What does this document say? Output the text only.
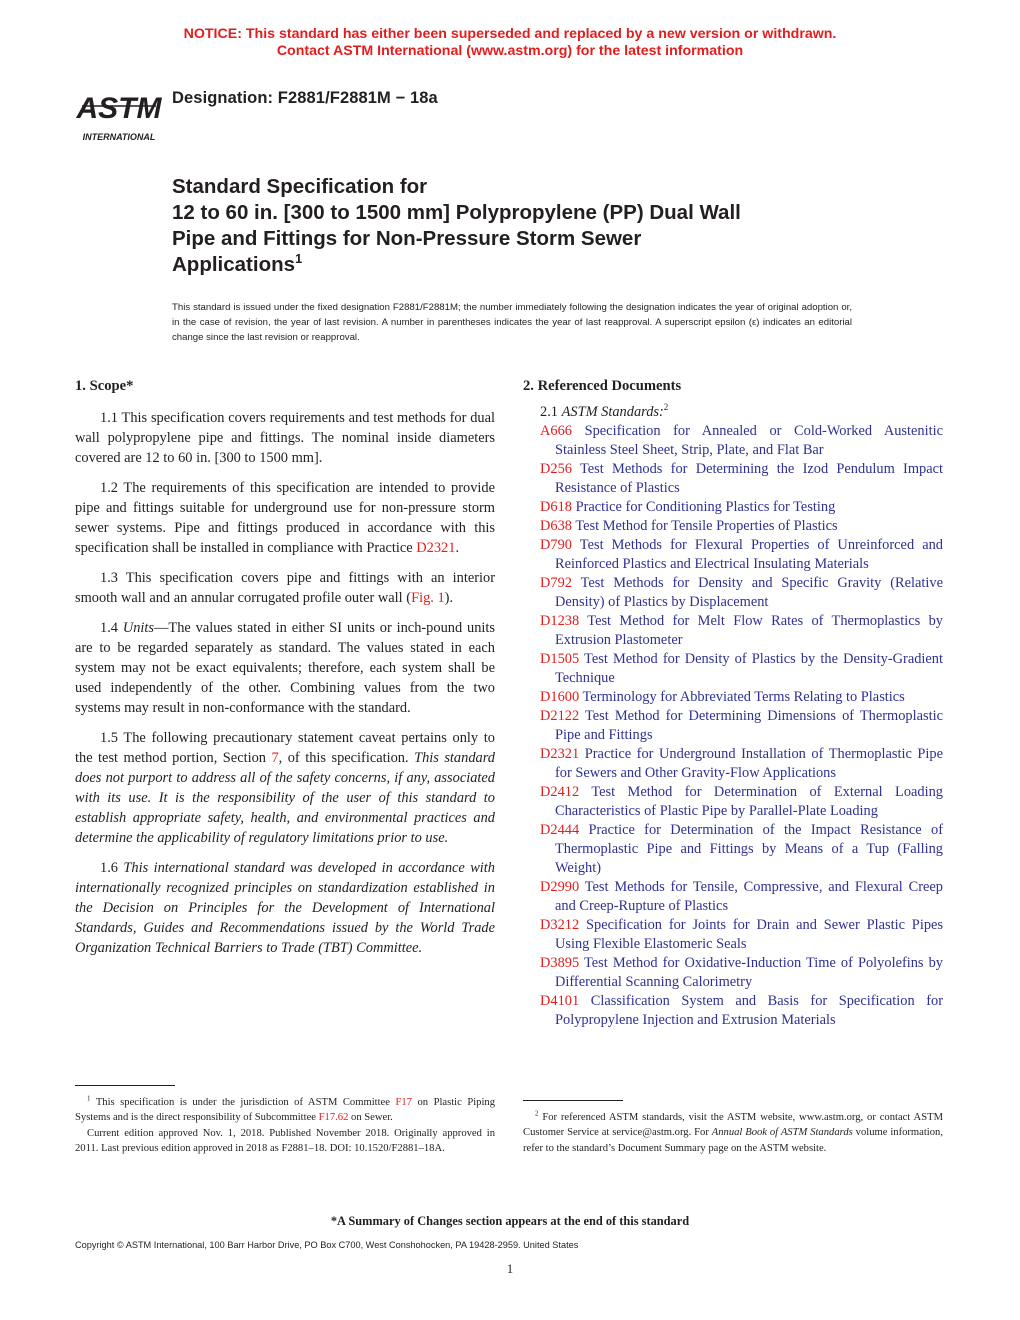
NOTICE: This standard has either been superseded and replaced by a new version or withdrawn.
Contact ASTM International (www.astm.org) for the latest information
ASTM
INTERNATIONAL
Designation: F2881/F2881M − 18a
Standard Specification for
12 to 60 in. [300 to 1500 mm] Polypropylene (PP) Dual Wall
Pipe and Fittings for Non-Pressure Storm Sewer
Applications$^1$
This standard is issued under the fixed designation F2881/F2881M; the number immediately following the designation indicates the year of original adoption or, in the case of revision, the year of last revision. A number in parentheses indicates the year of last reapproval. A superscript epsilon (ε) indicates an editorial change since the last revision or reapproval.
1. Scope*

1.1 This specification covers requirements and test methods for dual wall polypropylene pipe and fittings. The nominal inside diameters covered are 12 to 60 in. [300 to 1500 mm].

1.2 The requirements of this specification are intended to provide pipe and fittings suitable for underground use for non-pressure storm sewer systems. Pipe and fittings produced in accordance with this specification shall be installed in compliance with Practice D2321.

1.3 This specification covers pipe and fittings with an interior smooth wall and an annular corrugated profile outer wall (Fig. 1).

1.4 Units—The values stated in either SI units or inch-pound units are to be regarded separately as standard. The values stated in each system may not be exact equivalents; therefore, each system shall be used independently of the other. Combining values from the two systems may result in non-conformance with the standard.

1.5 The following precautionary statement caveat pertains only to the test method portion, Section 7, of this specification. This standard does not purport to address all of the safety concerns, if any, associated with its use. It is the responsibility of the user of this standard to establish appropriate safety, health, and environmental practices and determine the applicability of regulatory limitations prior to use.

1.6 This international standard was developed in accordance with internationally recognized principles on standardization established in the Decision on Principles for the Development of International Standards, Guides and Recommendations issued by the World Trade Organization Technical Barriers to Trade (TBT) Committee.

2. Referenced Documents
2.1 ASTM Standards:$^2$
A666 Specification for Annealed or Cold-Worked Austenitic Stainless Steel Sheet, Strip, Plate, and Flat Bar
D256 Test Methods for Determining the Izod Pendulum Impact Resistance of Plastics
D618 Practice for Conditioning Plastics for Testing
D638 Test Method for Tensile Properties of Plastics
D790 Test Methods for Flexural Properties of Unreinforced and Reinforced Plastics and Electrical Insulating Materials
D792 Test Methods for Density and Specific Gravity (Relative Density) of Plastics by Displacement
D1238 Test Method for Melt Flow Rates of Thermoplastics by Extrusion Plastometer
D1505 Test Method for Density of Plastics by the Density-Gradient Technique
D1600 Terminology for Abbreviated Terms Relating to Plastics
D2122 Test Method for Determining Dimensions of Thermoplastic Pipe and Fittings
D2321 Practice for Underground Installation of Thermoplastic Pipe for Sewers and Other Gravity-Flow Applications
D2412 Test Method for Determination of External Loading Characteristics of Plastic Pipe by Parallel-Plate Loading
D2444 Practice for Determination of the Impact Resistance of Thermoplastic Pipe and Fittings by Means of a Tup (Falling Weight)
D2990 Test Methods for Tensile, Compressive, and Flexural Creep and Creep-Rupture of Plastics
D3212 Specification for Joints for Drain and Sewer Plastic Pipes Using Flexible Elastomeric Seals
D3895 Test Method for Oxidative-Induction Time of Polyolefins by Differential Scanning Calorimetry
D4101 Classification System and Basis for Specification for Polypropylene Injection and Extrusion Materials
$^1$ This specification is under the jurisdiction of ASTM Committee F17 on Plastic Piping Systems and is the direct responsibility of Subcommittee F17.62 on Sewer.
Current edition approved Nov. 1, 2018. Published November 2018. Originally approved in 2011. Last previous edition approved in 2018 as F2881–18. DOI: 10.1520/F2881–18A.
$^2$ For referenced ASTM standards, visit the ASTM website, www.astm.org, or contact ASTM Customer Service at service@astm.org. For Annual Book of ASTM Standards volume information, refer to the standard’s Document Summary page on the ASTM website.
*A Summary of Changes section appears at the end of this standard
Copyright © ASTM International, 100 Barr Harbor Drive, PO Box C700, West Conshohocken, PA 19428-2959. United States
1
